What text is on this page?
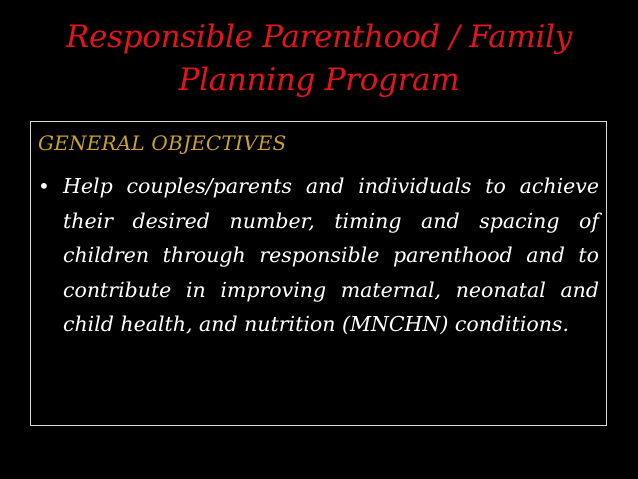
Responsible Parenthood / Family
Planning Program
GENERAL OBJECTIVES
• Help couples/parents and individuals to achieve their desired number, timing and spacing of children through responsible parenthood and to contribute in improving maternal, neonatal and child health, and nutrition (MNCHN) conditions.
